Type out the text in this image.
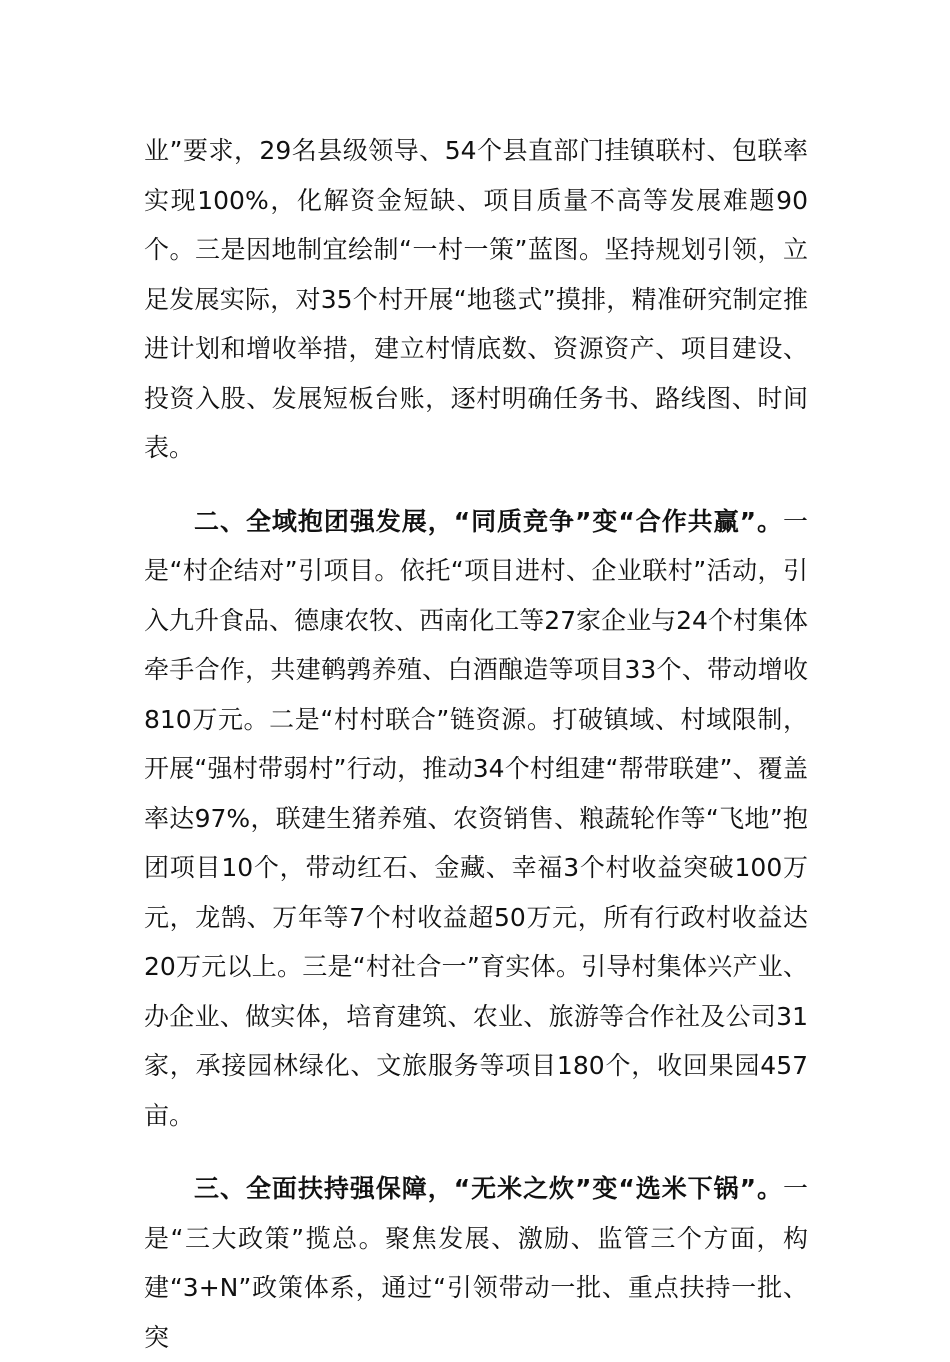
业”要求，29名县级领导、54个县直部门挂镇联村、包联率实现100%，化解资金短缺、项目质量不高等发展难题90个。三是因地制宜绘制“一村一策”蓝图。坚持规划引领，立足发展实际，对35个村开展“地毯式”摸排，精准研究制定推进计划和增收举措，建立村情底数、资源资产、项目建设、投资入股、发展短板台账，逐村明确任务书、路线图、时间表。

二、全域抱团强发展，“同质竞争”变“合作共赢”。一是“村企结对”引项目。依托“项目进村、企业联村”活动，引入九升食品、德康农牧、西南化工等27家企业与24个村集体牵手合作，共建鹌鹑养殖、白酒酿造等项目33个、带动增收810万元。二是“村村联合”链资源。打破镇域、村域限制，开展“强村带弱村”行动，推动34个村组建“帮带联建”、覆盖率达97%，联建生猪养殖、农资销售、粮蔬轮作等“飞地”抱团项目10个，带动红石、金藏、幸福3个村收益突破100万元，龙鹄、万年等7个村收益超50万元，所有行政村收益达20万元以上。三是“村社合一”育实体。引导村集体兴产业、办企业、做实体，培育建筑、农业、旅游等合作社及公司31家，承接园林绿化、文旅服务等项目180个，收回果园457亩。

三、全面扶持强保障，“无米之炊”变“选米下锅”。一是“三大政策”揽总。聚焦发展、激励、监管三个方面，构建“3+N”政策体系，通过“引领带动一批、重点扶持一批、突
